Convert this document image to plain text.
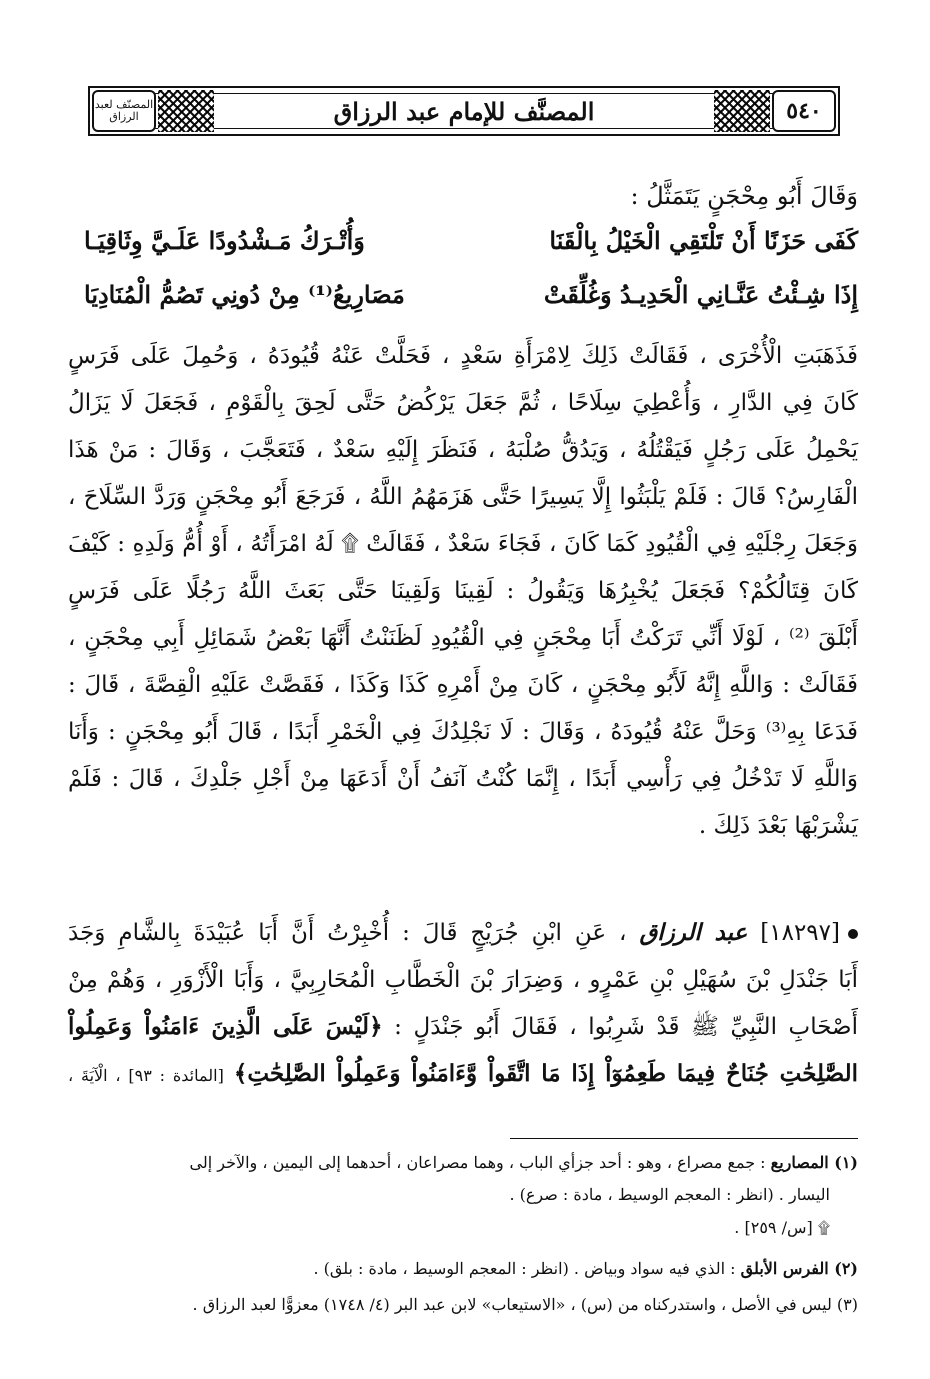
المصنّف لعبد الرزاق	٥٤٠
المصنَّف للإمام عبد الرزاق
وَقَالَ أَبُو مِحْجَنٍ يَتَمَثَّلُ :
كَفَى حَزَنًا أَنْ تَلْتَقِي الْخَيْلُ بِالْقَنَا
وَأُتْـرَكُ مَـشْدُودًا عَلَـيَّ وِثَاقِيَـا
إِذَا شِـئْتُ عَنَّـانِي الْحَدِيـدُ وَغُلِّقَتْ
مَصَارِيعُ⁽¹⁾ مِنْ دُونِي تَصُمُّ الْمُنَادِيَا
فَذَهَبَتِ الْأُخْرَى ، فَقَالَتْ ذَلِكَ لِامْرَأَةِ سَعْدٍ ، فَحَلَّتْ عَنْهُ قُيُودَهُ ، وَحُمِلَ عَلَى فَرَسٍ
كَانَ فِي الدَّارِ ، وَأُعْطِيَ سِلَاحًا ، ثُمَّ جَعَلَ يَرْكُضُ حَتَّى لَحِقَ بِالْقَوْمِ ، فَجَعَلَ لَا يَزَالُ
يَحْمِلُ عَلَى رَجُلٍ فَيَقْتُلُهُ ، وَيَدُقُّ صُلْبَهُ ، فَنَظَرَ إِلَيْهِ سَعْدٌ ، فَتَعَجَّبَ ، وَقَالَ : مَنْ هَذَا
الْفَارِسُ؟ قَالَ : فَلَمْ يَلْبَثُوا إِلَّا يَسِيرًا حَتَّى هَزَمَهُمُ اللَّهُ ، فَرَجَعَ أَبُو مِحْجَنٍ وَرَدَّ السِّلَاحَ ،
وَجَعَلَ رِجْلَيْهِ فِي الْقُيُودِ كَمَا كَانَ ، فَجَاءَ سَعْدٌ ، فَقَالَتْ ۩ لَهُ امْرَأَتُهُ ، أَوْ أُمُّ وَلَدِهِ : كَيْفَ
كَانَ قِتَالُكُمْ؟ فَجَعَلَ يُخْبِرُهَا وَيَقُولُ : لَقِينَا وَلَقِينَا حَتَّى بَعَثَ اللَّهُ رَجُلًا عَلَى فَرَسٍ
أَبْلَقَ ⁽²⁾ ، لَوْلَا أَنِّي تَرَكْتُ أَبَا مِحْجَنٍ فِي الْقُيُودِ لَظَنَنْتُ أَنَّهَا بَعْضُ شَمَائِلِ أَبِي مِحْجَنٍ ،
فَقَالَتْ : وَاللَّهِ إِنَّهُ لَأَبُو مِحْجَنٍ ، كَانَ مِنْ أَمْرِهِ كَذَا وَكَذَا ، فَقَصَّتْ عَلَيْهِ الْقِصَّةَ ، قَالَ :
فَدَعَا بِهِ⁽³⁾ وَحَلَّ عَنْهُ قُيُودَهُ ، وَقَالَ : لَا نَجْلِدُكَ فِي الْخَمْرِ أَبَدًا ، قَالَ أَبُو مِحْجَنٍ : وَأَنَا
وَاللَّهِ لَا تَدْخُلُ فِي رَأْسِي أَبَدًا ، إِنَّمَا كُنْتُ آنَفُ أَنْ أَدَعَهَا مِنْ أَجْلِ جَلْدِكَ ، قَالَ : فَلَمْ
يَشْرَبْهَا بَعْدَ ذَلِكَ .
[١٨٢٩٧] عبد الرزاق ، عَنِ ابْنِ جُرَيْجٍ قَالَ : أُخْبِرْتُ أَنَّ أَبَا عُبَيْدَةَ بِالشَّامِ وَجَدَ
أَبَا جَنْدَلِ بْنَ سُهَيْلِ بْنِ عَمْرٍو ، وَضِرَارَ بْنَ الْخَطَّابِ الْمُحَارِبِيَّ ، وَأَبَا الْأَزْوَرِ ، وَهُمْ مِنْ
أَصْحَابِ النَّبِيِّ ﷺ قَدْ شَرِبُوا ، فَقَالَ أَبُو جَنْدَلٍ : ﴿لَيْسَ عَلَى الَّذِينَ ءَامَنُواْ وَعَمِلُواْ
الصَّٰلِحَٰتِ جُنَاحٌ فِيمَا طَعِمُوٓاْ إِذَا مَا اتَّقَواْ وَّءَامَنُواْ وَعَمِلُواْ الصَّٰلِحَٰتِ﴾ [المائدة : ٩٣] ، الْآيَةَ ،
(١) المصاريع : جمع مصراع ، وهو : أحد جزأي الباب ، وهما مصراعان ، أحدهما إلى اليمين ، والآخر إلى
اليسار . (انظر : المعجم الوسيط ، مادة : صرع) .
۩ [س/ ٢٥٩] .
(٢) الفرس الأبلق : الذي فيه سواد وبياض . (انظر : المعجم الوسيط ، مادة : بلق) .
(٣) ليس في الأصل ، واستدركناه من (س) ، «الاستيعاب» لابن عبد البر (٤/ ١٧٤٨) معزوًّا لعبد الرزاق .
